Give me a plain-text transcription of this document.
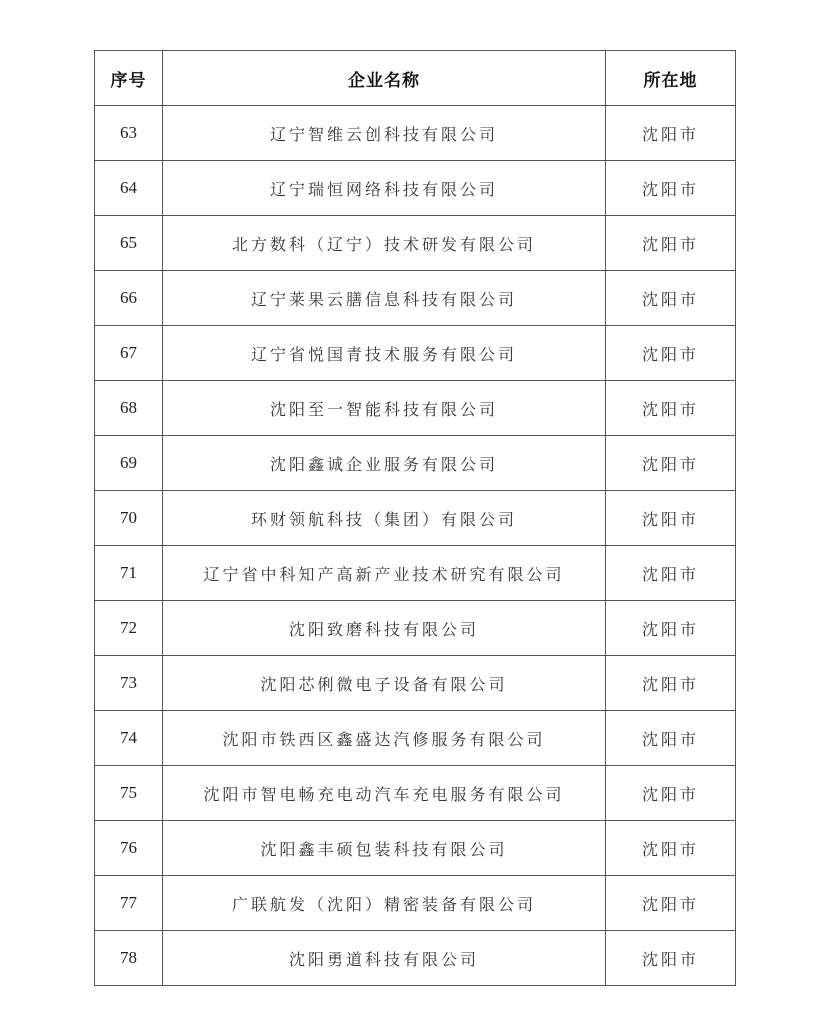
序号	企业名称	所在地
63	辽宁智维云创科技有限公司	沈阳市
64	辽宁瑞恒网络科技有限公司	沈阳市
65	北方数科（辽宁）技术研发有限公司	沈阳市
66	辽宁莱果云膳信息科技有限公司	沈阳市
67	辽宁省悦国青技术服务有限公司	沈阳市
68	沈阳至一智能科技有限公司	沈阳市
69	沈阳鑫诚企业服务有限公司	沈阳市
70	环财领航科技（集团）有限公司	沈阳市
71	辽宁省中科知产高新产业技术研究有限公司	沈阳市
72	沈阳致磨科技有限公司	沈阳市
73	沈阳芯俐微电子设备有限公司	沈阳市
74	沈阳市铁西区鑫盛达汽修服务有限公司	沈阳市
75	沈阳市智电畅充电动汽车充电服务有限公司	沈阳市
76	沈阳鑫丰硕包装科技有限公司	沈阳市
77	广联航发（沈阳）精密装备有限公司	沈阳市
78	沈阳勇道科技有限公司	沈阳市
